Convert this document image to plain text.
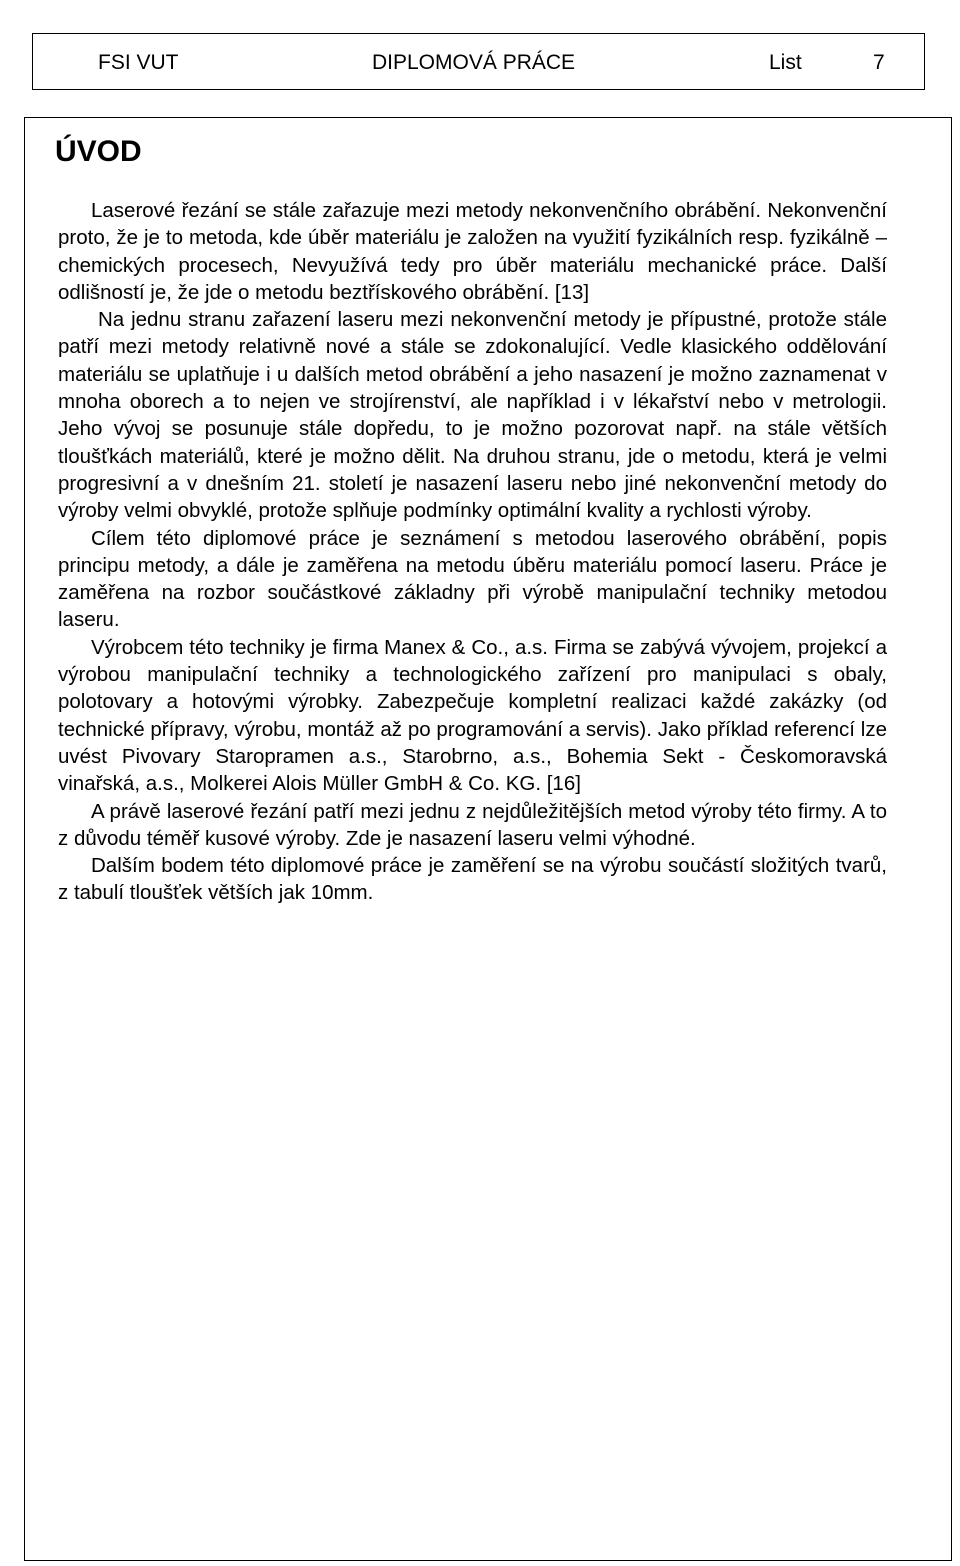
FSI VUT	DIPLOMOVÁ PRÁCE	List	7
ÚVOD

Laserové řezání se stále zařazuje mezi metody nekonvenčního obrábění. Nekonvenční proto, že je to metoda, kde úběr materiálu je založen na využití fyzikálních resp. fyzikálně – chemických procesech, Nevyužívá tedy pro úběr materiálu mechanické práce. Další odlišností je, že jde o metodu beztřískového obrábění. [13]

Na jednu stranu zařazení laseru mezi nekonvenční metody je přípustné, protože stále patří mezi metody relativně nové a stále se zdokonalující. Vedle klasického oddělování materiálu se uplatňuje i u dalších metod obrábění a jeho nasazení je možno zaznamenat v mnoha oborech a to nejen ve strojírenství, ale například i v lékařství nebo v metrologii. Jeho vývoj se posunuje stále dopředu, to je možno pozorovat např. na stále větších tloušťkách materiálů, které je možno dělit. Na druhou stranu, jde o metodu, která je velmi progresivní a v dnešním 21. století je nasazení laseru nebo jiné nekonvenční metody do výroby velmi obvyklé, protože splňuje podmínky optimální kvality a rychlosti výroby.

Cílem této diplomové práce je seznámení s metodou laserového obrábění, popis principu metody, a dále je zaměřena na metodu úběru materiálu pomocí laseru. Práce je zaměřena na rozbor součástkové základny při výrobě manipulační techniky metodou laseru.

Výrobcem této techniky je firma Manex & Co., a.s. Firma se zabývá vývojem, projekcí a výrobou manipulační techniky a technologického zařízení pro manipulaci s obaly, polotovary a hotovými výrobky. Zabezpečuje kompletní realizaci každé zakázky (od technické přípravy, výrobu, montáž až po programování a servis). Jako příklad referencí lze uvést Pivovary Staropramen a.s., Starobrno, a.s., Bohemia Sekt - Českomoravská vinařská, a.s., Molkerei Alois Müller GmbH & Co. KG. [16]

A právě laserové řezání patří mezi jednu z nejdůležitějších metod výroby této firmy. A to z důvodu téměř kusové výroby. Zde je nasazení laseru velmi výhodné.

Dalším bodem této diplomové práce je zaměření se na výrobu součástí složitých tvarů, z tabulí tloušťek větších jak 10mm.
